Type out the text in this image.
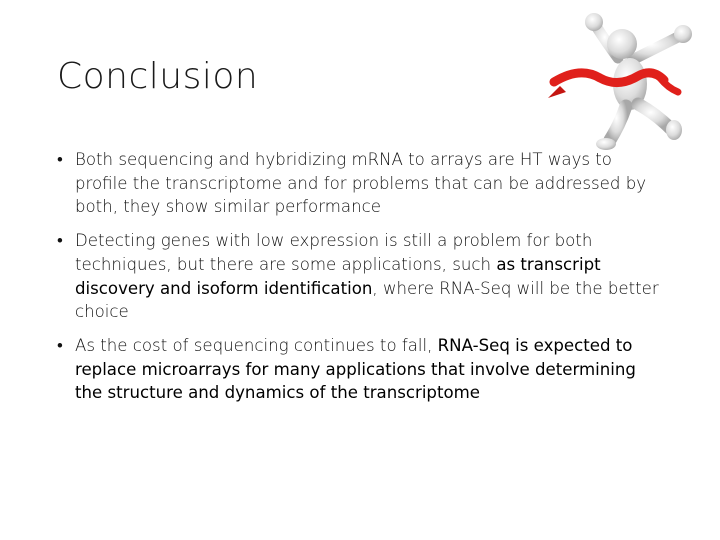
Conclusion
• Both sequencing and hybridizing mRNA to arrays are HT ways to profile the transcriptome and for problems that can be addressed by both, they show similar performance
• Detecting genes with low expression is still a problem for both techniques, but there are some applications, such as transcript discovery and isoform identification, where RNA-Seq will be the better choice
• As the cost of sequencing continues to fall, RNA-Seq is expected to replace microarrays for many applications that involve determining the structure and dynamics of the transcriptome
